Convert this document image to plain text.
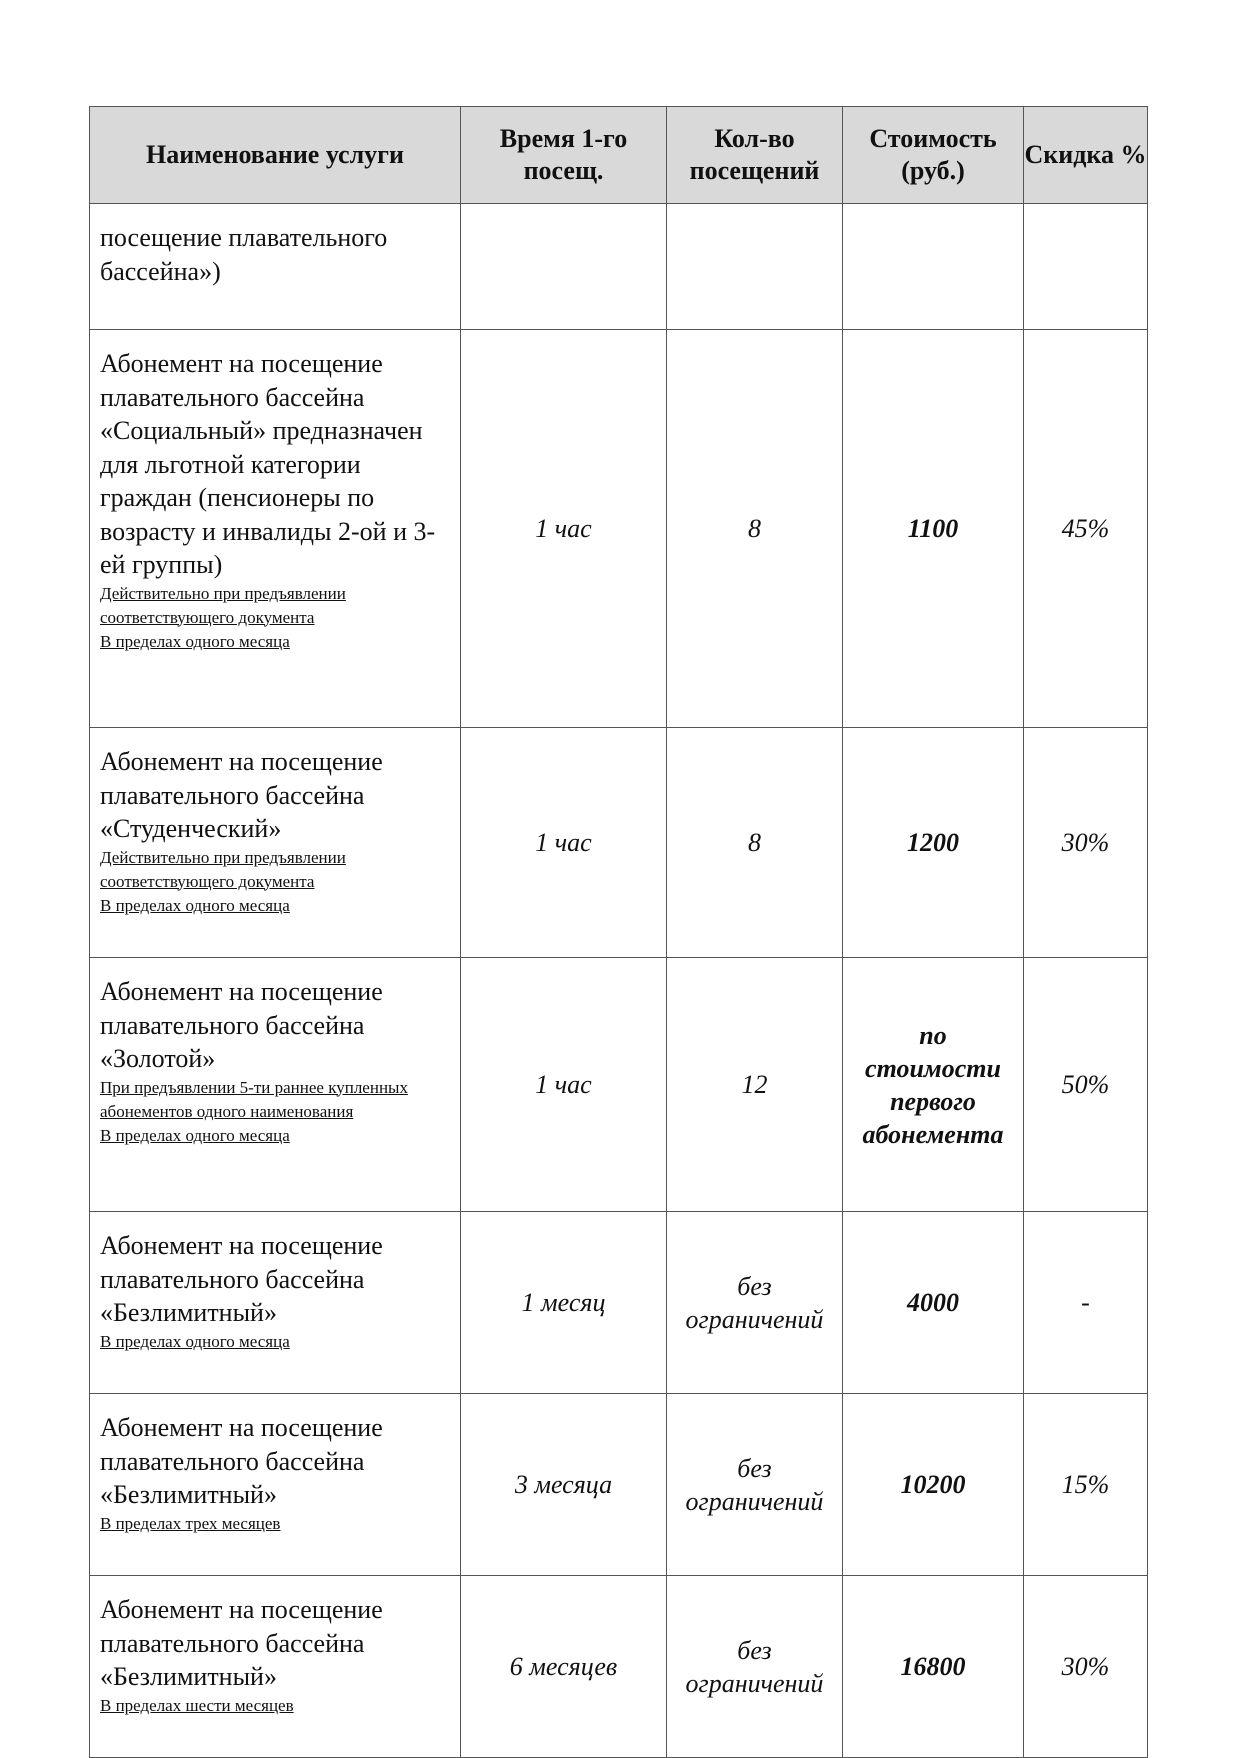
Наименование услуги	Время 1-го посещ.	Кол-во посещений	Стоимость (руб.)	Скидка %

посещение плавательного бассейна»)				

Абонемент на посещение плавательного бассейна «Социальный» предназначен для льготной категории граждан (пенсионеры по возрасту и инвалиды 2-ой и 3-ей группы)
Действительно при предъявлении соответствующего документа
В пределах одного месяца	1 час	8	1100	45%

Абонемент на посещение плавательного бассейна «Студенческий»
Действительно при предъявлении соответствующего документа
В пределах одного месяца	1 час	8	1200	30%

Абонемент на посещение плавательного бассейна «Золотой»
При предъявлении 5-ти раннее купленных абонементов одного наименования
В пределах одного месяца	1 час	12	по стоимости первого абонемента	50%

Абонемент на посещение плавательного бассейна «Безлимитный»
В пределах одного месяца	1 месяц	без ограничений	4000	-

Абонемент на посещение плавательного бассейна «Безлимитный»
В пределах трех месяцев	3 месяца	без ограничений	10200	15%

Абонемент на посещение плавательного бассейна «Безлимитный»
В пределах шести месяцев	6 месяцев	без ограничений	16800	30%
